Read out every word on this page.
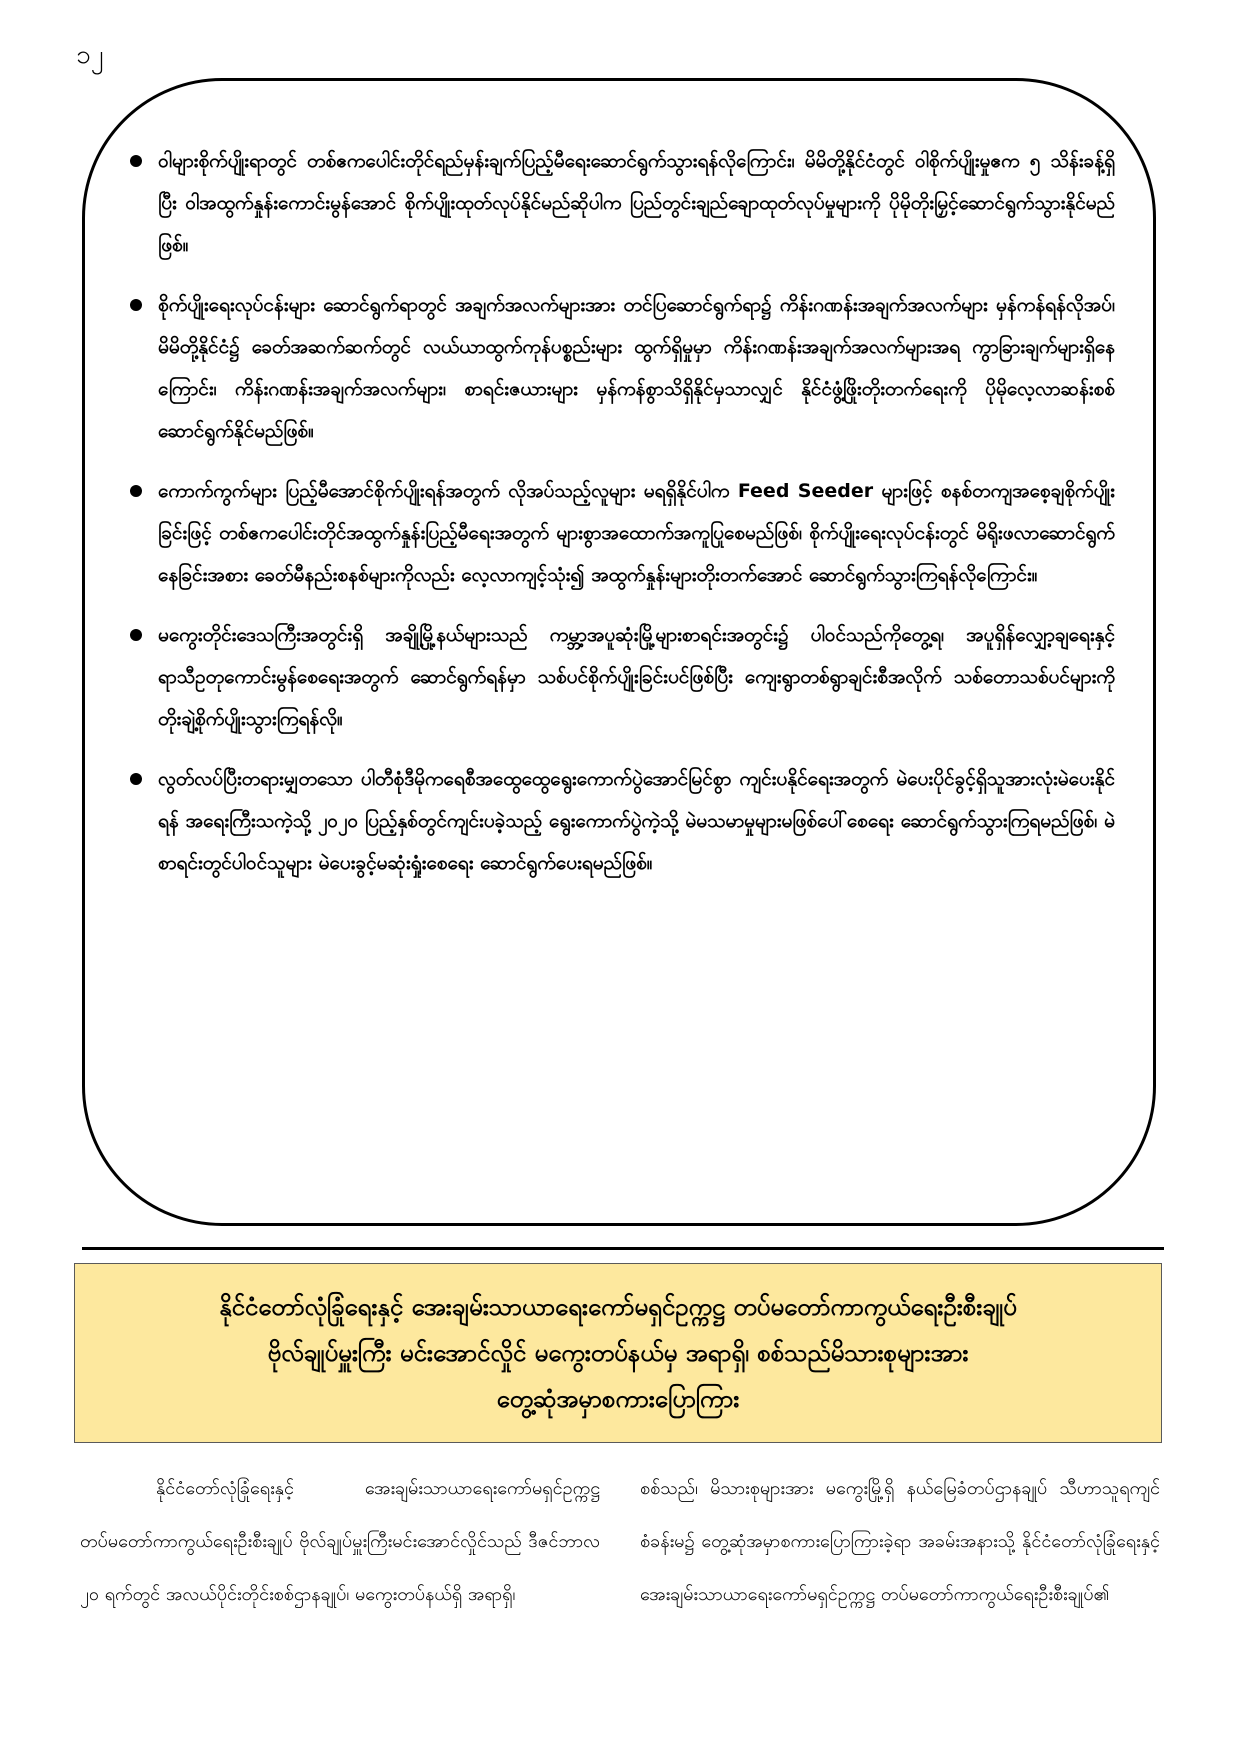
၁၂
ဝါများစိုက်ပျိုးရာတွင် တစ်ဧကပေါင်းတိုင်ရည်မှန်းချက်ပြည့်မီရေးဆောင်ရွက်သွားရန်လိုကြောင်း၊ မိမိတို့နိုင်ငံတွင် ဝါစိုက်ပျိုးမှုဧက ၅ သိန်းခန့်ရှိပြီး ဝါအထွက်နှုန်းကောင်းမွန်အောင် စိုက်ပျိုးထုတ်လုပ်နိုင်မည်ဆိုပါက ပြည်တွင်းချည်ချောထုတ်လုပ်မှုများကို ပိုမိုတိုးမြှင့်ဆောင်ရွက်သွားနိုင်မည်ဖြစ်။
စိုက်ပျိုးရေးလုပ်ငန်းများ ဆောင်ရွက်ရာတွင် အချက်အလက်များအား တင်ပြဆောင်ရွက်ရာ၌ ကိန်းဂဏန်းအချက်အလက်များ မှန်ကန်ရန်လိုအပ်၊ မိမိတို့နိုင်ငံ၌ ခေတ်အဆက်ဆက်တွင် လယ်ယာထွက်ကုန်ပစ္စည်းများ ထွက်ရှိမှုမှာ ကိန်းဂဏန်းအချက်အလက်များအရ ကွာခြားချက်များရှိနေကြောင်း၊ ကိန်းဂဏန်းအချက်အလက်များ၊ စာရင်းဇယားများ မှန်ကန်စွာသိရှိနိုင်မှသာလျှင် နိုင်ငံဖွံ့ဖြိုးတိုးတက်ရေးကို ပိုမိုလေ့လာဆန်းစစ်ဆောင်ရွက်နိုင်မည်ဖြစ်။
ကောက်ကွက်များ ပြည့်မီအောင်စိုက်ပျိုးရန်အတွက် လိုအပ်သည့်လူများ မရရှိနိုင်ပါက Feed Seeder များဖြင့် စနစ်တကျအစေ့ချစိုက်ပျိုးခြင်းဖြင့် တစ်ဧကပေါင်းတိုင်အထွက်နှုန်းပြည့်မီရေးအတွက် များစွာအထောက်အကူပြုစေမည်ဖြစ်၊ စိုက်ပျိုးရေးလုပ်ငန်းတွင် မိရိုးဖလာဆောင်ရွက်နေခြင်းအစား ခေတ်မီနည်းစနစ်များကိုလည်း လေ့လာကျင့်သုံး၍ အထွက်နှုန်းများတိုးတက်အောင် ဆောင်ရွက်သွားကြရန်လိုကြောင်း။
မကွေးတိုင်းဒေသကြီးအတွင်းရှိ အချို့မြို့နယ်များသည် ကမ္ဘာ့အပူဆုံးမြို့များစာရင်းအတွင်း၌ ပါဝင်သည်ကိုတွေ့ရ၊ အပူရှိန်လျှော့ချရေးနှင့် ရာသီဥတုကောင်းမွန်စေရေးအတွက် ဆောင်ရွက်ရန်မှာ သစ်ပင်စိုက်ပျိုးခြင်းပင်ဖြစ်ပြီး ကျေးရွာတစ်ရွာချင်းစီအလိုက် သစ်တောသစ်ပင်များကို တိုးချဲ့စိုက်ပျိုးသွားကြရန်လို။
လွတ်လပ်ပြီးတရားမျှတသော ပါတီစုံဒီမိုကရေစီအထွေထွေရွေးကောက်ပွဲအောင်မြင်စွာ ကျင်းပနိုင်ရေးအတွက် မဲပေးပိုင်ခွင့်ရှိသူအားလုံးမဲပေးနိုင်ရန် အရေးကြီးသကဲ့သို့ ၂၀၂၀ ပြည့်နှစ်တွင်ကျင်းပခဲ့သည့် ရွေးကောက်ပွဲကဲ့သို့ မဲမသမာမှုများမဖြစ်ပေါ်စေရေး ဆောင်ရွက်သွားကြရမည်ဖြစ်၊ မဲစာရင်းတွင်ပါဝင်သူများ မဲပေးခွင့်မဆုံးရှုံးစေရေး ဆောင်ရွက်ပေးရမည်ဖြစ်။
နိုင်ငံတော်လုံခြုံရေးနှင့် အေးချမ်းသာယာရေးကော်မရှင်ဥက္ကဋ္ဌ တပ်မတော်ကာကွယ်ရေးဦးစီးချုပ်
ဗိုလ်ချုပ်မှူးကြီး မင်းအောင်လှိုင် မကွေးတပ်နယ်မှ အရာရှိ၊ စစ်သည်မိသားစုများအား
တွေ့ဆုံအမှာစကားပြောကြား

နိုင်ငံတော်လုံခြုံရေးနှင့် အေးချမ်းသာယာရေးကော်မရှင်ဥက္ကဋ္ဌ တပ်မတော်ကာကွယ်ရေးဦးစီးချုပ် ဗိုလ်ချုပ်မှူးကြီးမင်းအောင်လှိုင်သည် ဒီဇင်ဘာလ ၂၀ ရက်တွင် အလယ်ပိုင်းတိုင်းစစ်ဌာနချုပ်၊ မကွေးတပ်နယ်ရှိ အရာရှိ၊

စစ်သည်၊ မိသားစုများအား မကွေးမြို့ရှိ နယ်မြေခံတပ်ဌာနချုပ် သီဟာသူရကျင်စံခန်းမ၌ တွေ့ဆုံအမှာစကားပြောကြားခဲ့ရာ အခမ်းအနားသို့ နိုင်ငံတော်လုံခြုံရေးနှင့် အေးချမ်းသာယာရေးကော်မရှင်ဥက္ကဋ္ဌ တပ်မတော်ကာကွယ်ရေးဦးစီးချုပ်၏
